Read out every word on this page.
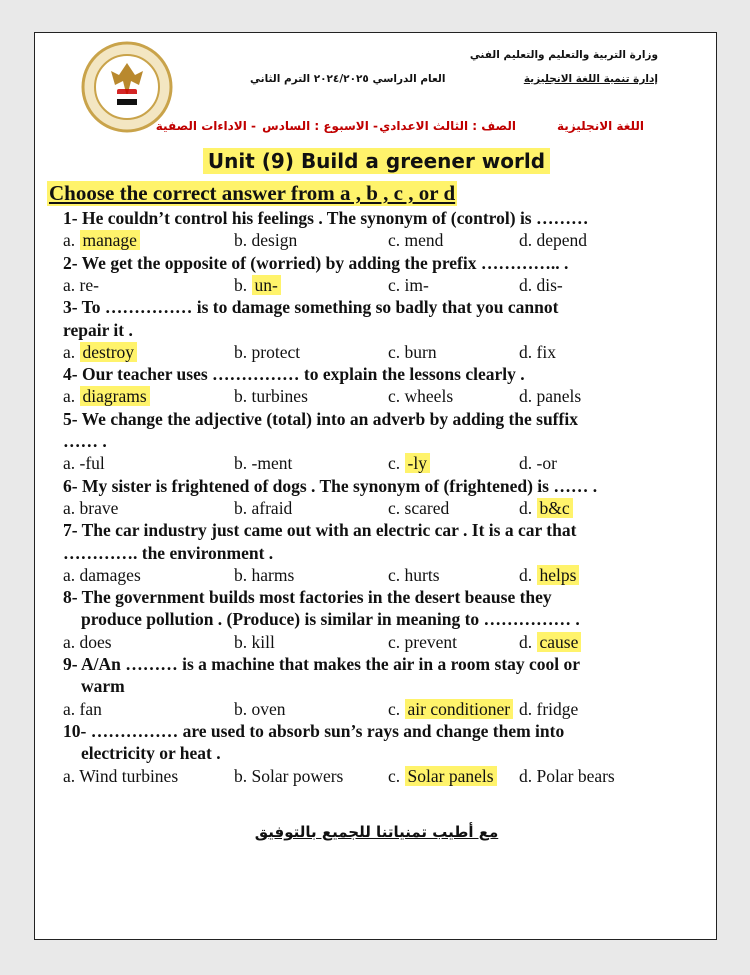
وزارة التربية والتعليم والتعليم الفني
إدارة تنمية اللغة الانجليزية
العام الدراسي ٢٠٢٤/٢٠٢٥ الترم الثاني
اللغة الانجليزية
الصف : الثالث الاعدادي
- الاسبوع : السادس
- الاداءات الصفية
Unit (9) Build a greener world
Choose the correct answer from a , b , c , or d
1- He couldn’t control his feelings . The synonym of (control) is ………
a. manage	b. design	c. mend	d. depend
2- We get the opposite of (worried) by adding the prefix ………….. .
a. re-	b. un-	c. im-	d. dis-
3- To …………… is to damage something so badly that you cannot
repair it .
a. destroy	b. protect	c. burn	d. fix
4- Our teacher uses …………… to explain the lessons clearly .
a. diagrams	b. turbines	c. wheels	d. panels
5- We change the adjective (total) into an adverb by adding the suffix
…… .
a. -ful	b. -ment	c. -ly	d. -or
6- My sister is frightened of dogs . The synonym of (frightened) is …… .
a. brave	b. afraid	c. scared	d. b&c
7- The car industry just came out with an electric car . It is a car that
…………. the environment .
a. damages	b. harms	c. hurts	d. helps
8- The government builds most factories in the desert beause they
produce pollution . (Produce) is similar in meaning to …………… .
a. does	b. kill	c. prevent	d. cause
9- A/An ……… is a machine that makes the air in a room stay cool or
warm
a. fan	b. oven	c. air conditioner d. fridge
10- …………… are used to absorb sun’s rays and change them into
electricity or heat .
a. Wind turbines	b. Solar powers	c. Solar panels d. Polar bears
مع أطيب تمنياتنا للجميع بالتوفيق
